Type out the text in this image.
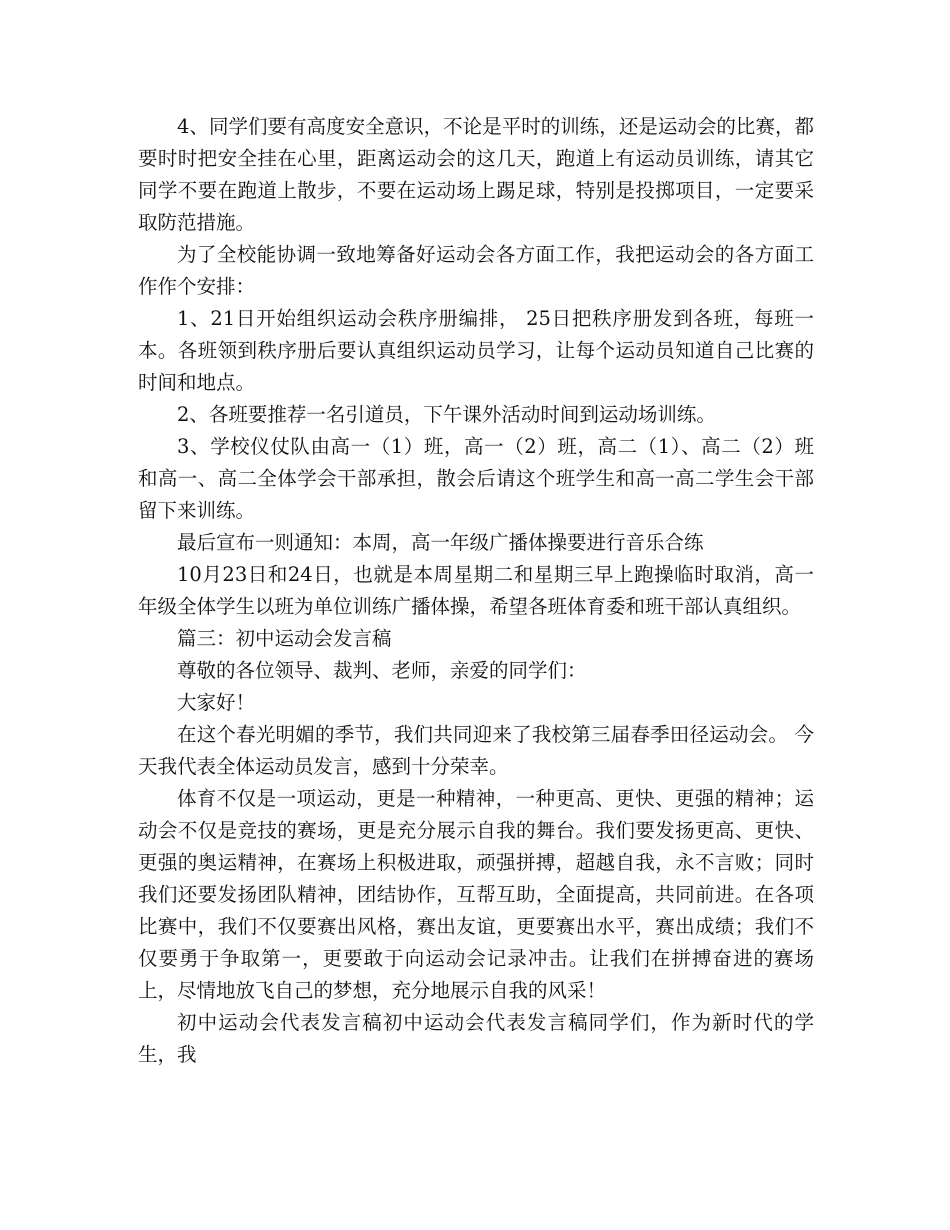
4、同学们要有高度安全意识，不论是平时的训练，还是运动会的比赛，都要时时把安全挂在心里，距离运动会的这几天，跑道上有运动员训练，请其它同学不要在跑道上散步，不要在运动场上踢足球，特别是投掷项目，一定要采取防范措施。

为了全校能协调一致地筹备好运动会各方面工作，我把运动会的各方面工作作个安排：

1、21日开始组织运动会秩序册编排， 25日把秩序册发到各班，每班一本。各班领到秩序册后要认真组织运动员学习，让每个运动员知道自己比赛的时间和地点。

2、各班要推荐一名引道员，下午课外活动时间到运动场训练。

3、学校仪仗队由高一（1）班，高一（2）班，高二（1）、高二（2）班和高一、高二全体学会干部承担，散会后请这个班学生和高一高二学生会干部留下来训练。

最后宣布一则通知：本周，高一年级广播体操要进行音乐合练

10月23日和24日，也就是本周星期二和星期三早上跑操临时取消，高一年级全体学生以班为单位训练广播体操，希望各班体育委和班干部认真组织。

篇三：初中运动会发言稿

尊敬的各位领导、裁判、老师，亲爱的同学们：

大家好！

在这个春光明媚的季节，我们共同迎来了我校第三届春季田径运动会。 今天我代表全体运动员发言，感到十分荣幸。

体育不仅是一项运动，更是一种精神，一种更高、更快、更强的精神；运动会不仅是竞技的赛场，更是充分展示自我的舞台。我们要发扬更高、更快、更强的奥运精神，在赛场上积极进取，顽强拼搏，超越自我，永不言败；同时我们还要发扬团队精神，团结协作，互帮互助，全面提高，共同前进。在各项比赛中，我们不仅要赛出风格，赛出友谊，更要赛出水平，赛出成绩；我们不仅要勇于争取第一，更要敢于向运动会记录冲击。让我们在拼搏奋进的赛场上，尽情地放飞自己的梦想，充分地展示自我的风采！

初中运动会代表发言稿初中运动会代表发言稿同学们，作为新时代的学生，我
